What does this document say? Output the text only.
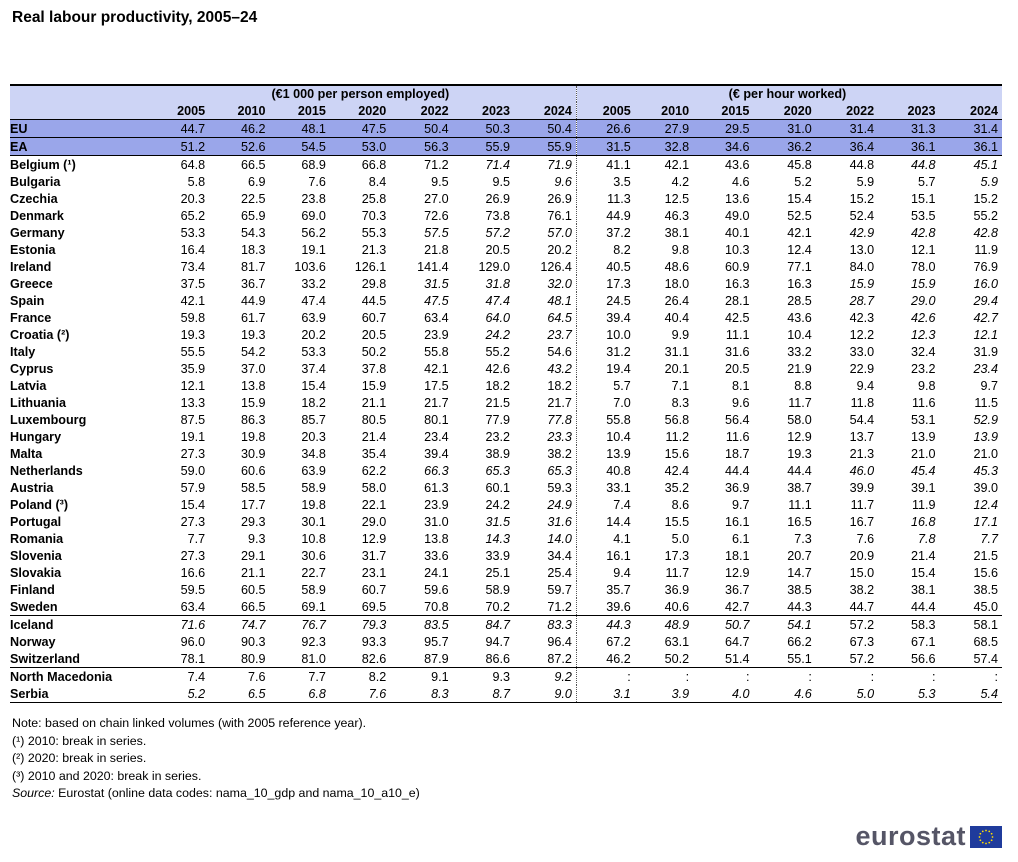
Real labour productivity, 2005–24
	(€1 000 per person employed)							(€ per hour worked)						
	2005	2010	2015	2020	2022	2023	2024	2005	2010	2015	2020	2022	2023	2024
EU	44.7	46.2	48.1	47.5	50.4	50.3	50.4	26.6	27.9	29.5	31.0	31.4	31.3	31.4
EA	51.2	52.6	54.5	53.0	56.3	55.9	55.9	31.5	32.8	34.6	36.2	36.4	36.1	36.1
Belgium (¹)	64.8	66.5	68.9	66.8	71.2	71.4	71.9	41.1	42.1	43.6	45.8	44.8	44.8	45.1
Bulgaria	5.8	6.9	7.6	8.4	9.5	9.5	9.6	3.5	4.2	4.6	5.2	5.9	5.7	5.9
Czechia	20.3	22.5	23.8	25.8	27.0	26.9	26.9	11.3	12.5	13.6	15.4	15.2	15.1	15.2
Denmark	65.2	65.9	69.0	70.3	72.6	73.8	76.1	44.9	46.3	49.0	52.5	52.4	53.5	55.2
Germany	53.3	54.3	56.2	55.3	57.5	57.2	57.0	37.2	38.1	40.1	42.1	42.9	42.8	42.8
Estonia	16.4	18.3	19.1	21.3	21.8	20.5	20.2	8.2	9.8	10.3	12.4	13.0	12.1	11.9
Ireland	73.4	81.7	103.6	126.1	141.4	129.0	126.4	40.5	48.6	60.9	77.1	84.0	78.0	76.9
Greece	37.5	36.7	33.2	29.8	31.5	31.8	32.0	17.3	18.0	16.3	16.3	15.9	15.9	16.0
Spain	42.1	44.9	47.4	44.5	47.5	47.4	48.1	24.5	26.4	28.1	28.5	28.7	29.0	29.4
France	59.8	61.7	63.9	60.7	63.4	64.0	64.5	39.4	40.4	42.5	43.6	42.3	42.6	42.7
Croatia (²)	19.3	19.3	20.2	20.5	23.9	24.2	23.7	10.0	9.9	11.1	10.4	12.2	12.3	12.1
Italy	55.5	54.2	53.3	50.2	55.8	55.2	54.6	31.2	31.1	31.6	33.2	33.0	32.4	31.9
Cyprus	35.9	37.0	37.4	37.8	42.1	42.6	43.2	19.4	20.1	20.5	21.9	22.9	23.2	23.4
Latvia	12.1	13.8	15.4	15.9	17.5	18.2	18.2	5.7	7.1	8.1	8.8	9.4	9.8	9.7
Lithuania	13.3	15.9	18.2	21.1	21.7	21.5	21.7	7.0	8.3	9.6	11.7	11.8	11.6	11.5
Luxembourg	87.5	86.3	85.7	80.5	80.1	77.9	77.8	55.8	56.8	56.4	58.0	54.4	53.1	52.9
Hungary	19.1	19.8	20.3	21.4	23.4	23.2	23.3	10.4	11.2	11.6	12.9	13.7	13.9	13.9
Malta	27.3	30.9	34.8	35.4	39.4	38.9	38.2	13.9	15.6	18.7	19.3	21.3	21.0	21.0
Netherlands	59.0	60.6	63.9	62.2	66.3	65.3	65.3	40.8	42.4	44.4	44.4	46.0	45.4	45.3
Austria	57.9	58.5	58.9	58.0	61.3	60.1	59.3	33.1	35.2	36.9	38.7	39.9	39.1	39.0
Poland (³)	15.4	17.7	19.8	22.1	23.9	24.2	24.9	7.4	8.6	9.7	11.1	11.7	11.9	12.4
Portugal	27.3	29.3	30.1	29.0	31.0	31.5	31.6	14.4	15.5	16.1	16.5	16.7	16.8	17.1
Romania	7.7	9.3	10.8	12.9	13.8	14.3	14.0	4.1	5.0	6.1	7.3	7.6	7.8	7.7
Slovenia	27.3	29.1	30.6	31.7	33.6	33.9	34.4	16.1	17.3	18.1	20.7	20.9	21.4	21.5
Slovakia	16.6	21.1	22.7	23.1	24.1	25.1	25.4	9.4	11.7	12.9	14.7	15.0	15.4	15.6
Finland	59.5	60.5	58.9	60.7	59.6	58.9	59.7	35.7	36.9	36.7	38.5	38.2	38.1	38.5
Sweden	63.4	66.5	69.1	69.5	70.8	70.2	71.2	39.6	40.6	42.7	44.3	44.7	44.4	45.0
Iceland	71.6	74.7	76.7	79.3	83.5	84.7	83.3	44.3	48.9	50.7	54.1	57.2	58.3	58.1
Norway	96.0	90.3	92.3	93.3	95.7	94.7	96.4	67.2	63.1	64.7	66.2	67.3	67.1	68.5
Switzerland	78.1	80.9	81.0	82.6	87.9	86.6	87.2	46.2	50.2	51.4	55.1	57.2	56.6	57.4
North Macedonia	7.4	7.6	7.7	8.2	9.1	9.3	9.2	:	:	:	:	:	:	:
Serbia	5.2	6.5	6.8	7.6	8.3	8.7	9.0	3.1	3.9	4.0	4.6	5.0	5.3	5.4
Note: based on chain linked volumes (with 2005 reference year).
(¹) 2010: break in series.
(²) 2020: break in series.
(³) 2010 and 2020: break in series.
Source: Eurostat (online data codes: nama_10_gdp and nama_10_a10_e)
eurostat
